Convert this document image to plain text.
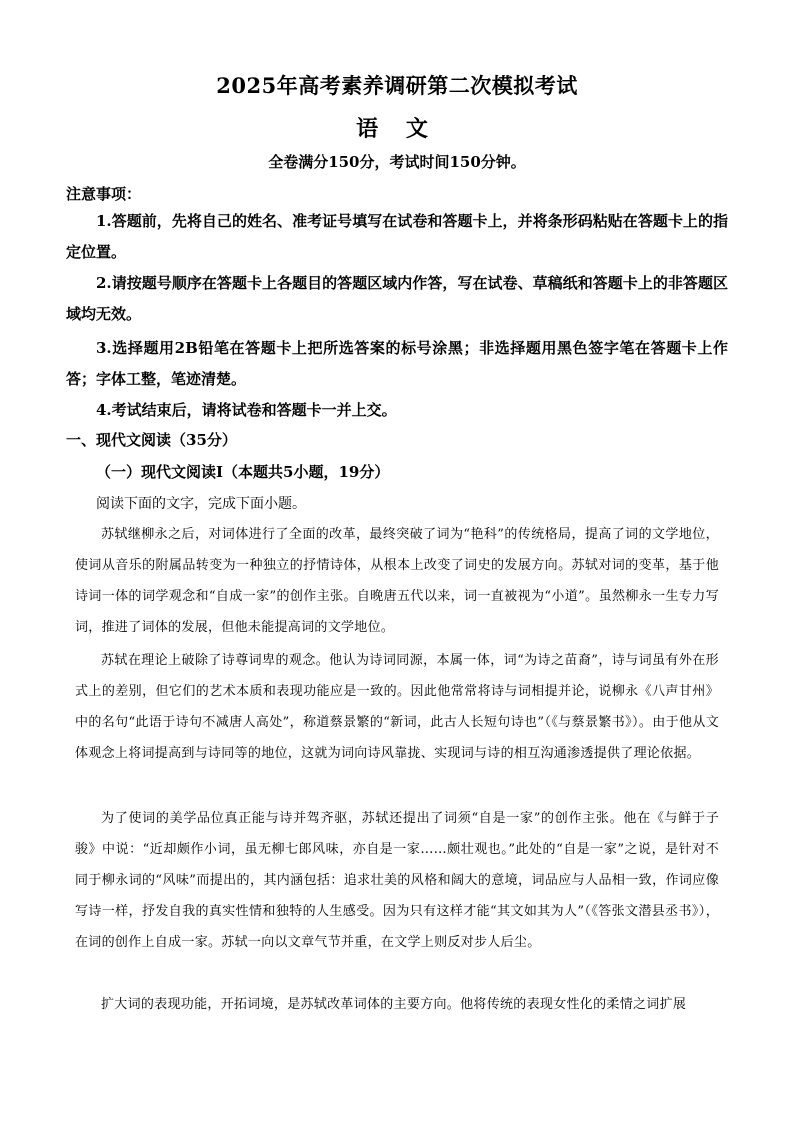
2025年高考素养调研第二次模拟考试
语 文
全卷满分150分，考试时间150分钟。
注意事项：

1.答题前，先将自己的姓名、准考证号填写在试卷和答题卡上，并将条形码粘贴在答题卡上的指定位置。

2.请按题号顺序在答题卡上各题目的答题区域内作答，写在试卷、草稿纸和答题卡上的非答题区域均无效。

3.选择题用2B铅笔在答题卡上把所选答案的标号涂黑；非选择题用黑色签字笔在答题卡上作答；字体工整，笔迹清楚。

4.考试结束后，请将试卷和答题卡一并上交。

一、现代文阅读（35分）
（一）现代文阅读Ⅰ（本题共5小题，19分）
阅读下面的文字，完成下面小题。

苏轼继柳永之后，对词体进行了全面的改革，最终突破了词为“艳科”的传统格局，提高了词的文学地位，使词从音乐的附属品转变为一种独立的抒情诗体，从根本上改变了词史的发展方向。苏轼对词的变革，基于他诗词一体的词学观念和“自成一家”的创作主张。自晚唐五代以来，词一直被视为“小道”。虽然柳永一生专力写词，推进了词体的发展，但他未能提高词的文学地位。

苏轼在理论上破除了诗尊词卑的观念。他认为诗词同源，本属一体，词“为诗之苗裔”，诗与词虽有外在形式上的差别，但它们的艺术本质和表现功能应是一致的。因此他常常将诗与词相提并论，说柳永《八声甘州》中的名句“此语于诗句不减唐人高处”，称道蔡景繁的“新词，此古人长短句诗也”（《与蔡景繁书》）。由于他从文体观念上将词提高到与诗同等的地位，这就为词向诗风靠拢、实现词与诗的相互沟通渗透提供了理论依据。

为了使词的美学品位真正能与诗并驾齐驱，苏轼还提出了词须“自是一家”的创作主张。他在《与鲜于子骏》中说：“近却颇作小词，虽无柳七郎风味，亦自是一家……颇壮观也。”此处的“自是一家”之说，是针对不同于柳永词的“风味”而提出的，其内涵包括：追求壮美的风格和阔大的意境，词品应与人品相一致，作词应像写诗一样，抒发自我的真实性情和独特的人生感受。因为只有这样才能“其文如其为人”（《答张文潜县丞书》），在词的创作上自成一家。苏轼一向以文章气节并重，在文学上则反对步人后尘。

扩大词的表现功能，开拓词境，是苏轼改革词体的主要方向。他将传统的表现女性化的柔情之词扩展
